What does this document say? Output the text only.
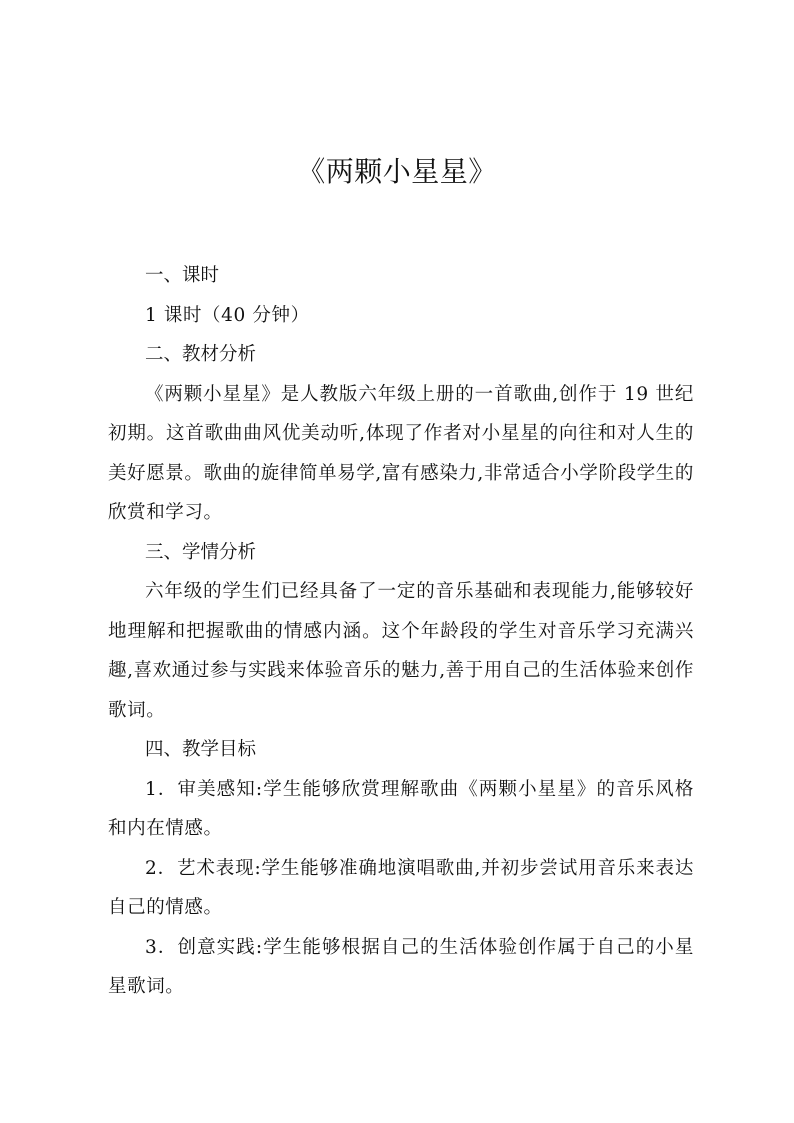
《两颗小星星》

一、课时

1 课时（40 分钟）

二、教材分析

《两颗小星星》是人教版六年级上册的一首歌曲,创作于 19 世纪初期。这首歌曲曲风优美动听,体现了作者对小星星的向往和对人生的美好愿景。歌曲的旋律简单易学,富有感染力,非常适合小学阶段学生的欣赏和学习。

三、学情分析

六年级的学生们已经具备了一定的音乐基础和表现能力,能够较好地理解和把握歌曲的情感内涵。这个年龄段的学生对音乐学习充满兴趣,喜欢通过参与实践来体验音乐的魅力,善于用自己的生活体验来创作歌词。

四、教学目标

1．审美感知:学生能够欣赏理解歌曲《两颗小星星》的音乐风格和内在情感。

2．艺术表现:学生能够准确地演唱歌曲,并初步尝试用音乐来表达自己的情感。

3．创意实践:学生能够根据自己的生活体验创作属于自己的小星星歌词。
